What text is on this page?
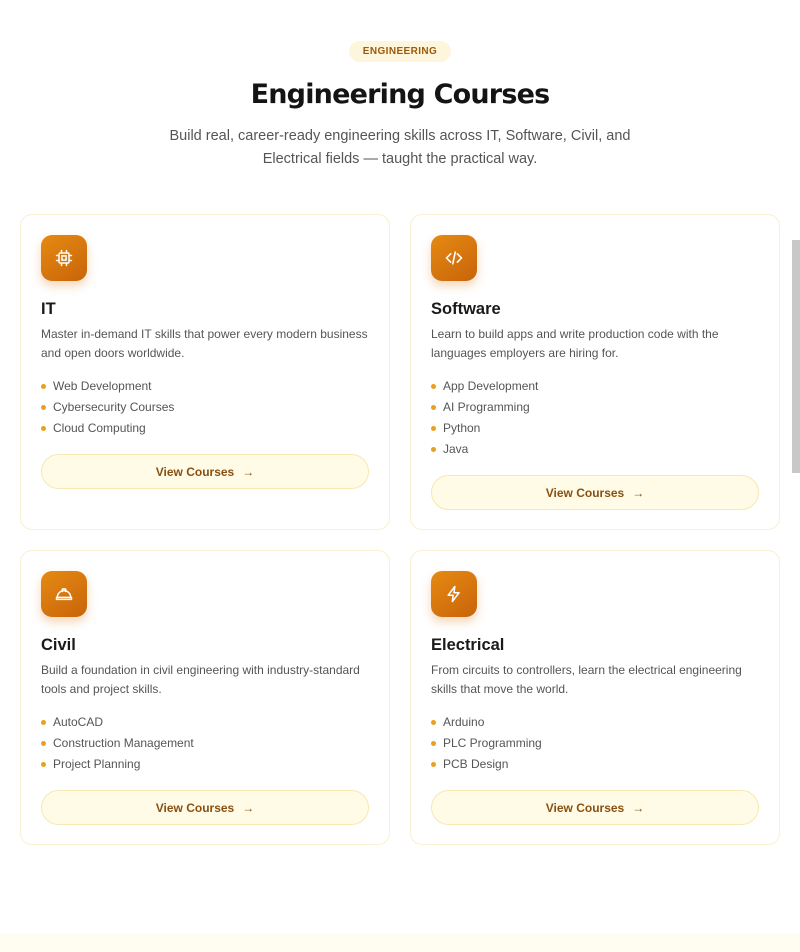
ENGINEERING
Engineering Courses

Build real, career-ready engineering skills across IT, Software, Civil, and Electrical fields — taught the practical way.

IT

Master in-demand IT skills that power every modern business and open doors worldwide.

Web Development
Cybersecurity Courses
Cloud Computing
View Courses →
Software

Learn to build apps and write production code with the languages employers are hiring for.

App Development
AI Programming
Python
Java
View Courses →
Civil

Build a foundation in civil engineering with industry-standard tools and project skills.

AutoCAD
Construction Management
Project Planning
View Courses →
Electrical

From circuits to controllers, learn the electrical engineering skills that move the world.

Arduino
PLC Programming
PCB Design
View Courses →
